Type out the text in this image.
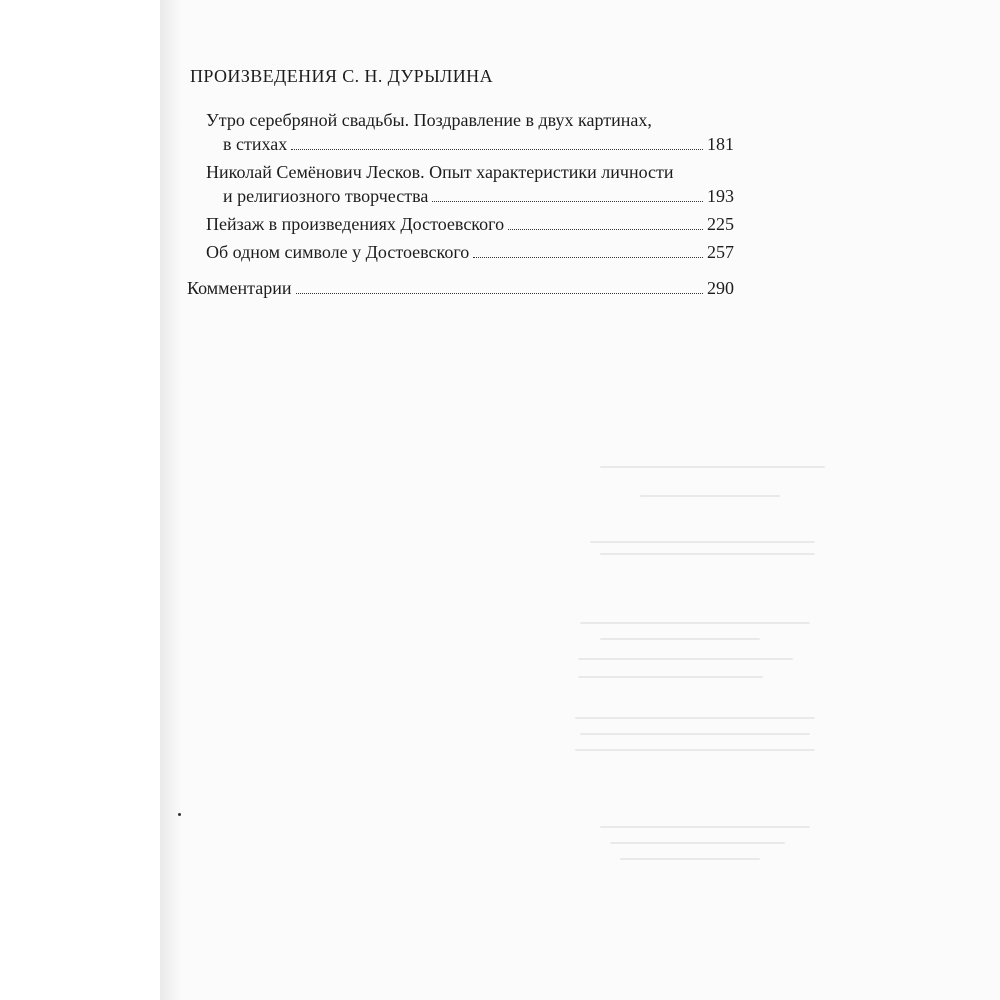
ПРОИЗВЕДЕНИЯ С. Н. ДУРЫЛИНА
Утро серебряной свадьбы. Поздравление в двух картинах,
в стихах	181
Николай Семёнович Лесков. Опыт характеристики личности
и религиозного творчества	193
Пейзаж в произведениях Достоевского	225
Об одном символе у Достоевского	257
Комментарии	290
